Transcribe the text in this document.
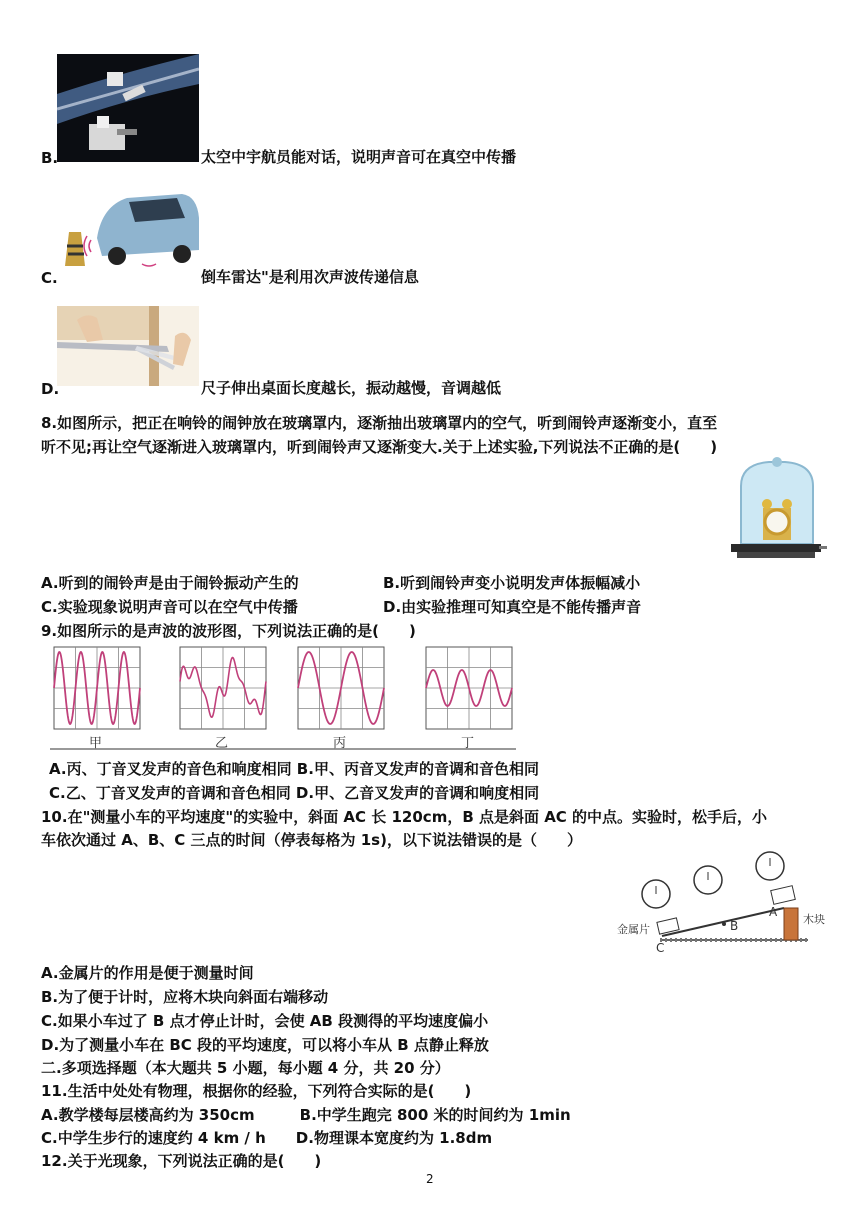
B.	太空中宇航员能对话，说明声音可在真空中传播
C.	倒车雷达"是利用次声波传递信息
D.	尺子伸出桌面长度越长，振动越慢，音调越低
8.如图所示，把正在响铃的闹钟放在玻璃罩内，逐渐抽出玻璃罩内的空气，听到闹铃声逐渐变小，直至
听不见;再让空气逐渐进入玻璃罩内，听到闹铃声又逐渐变大.关于上述实验,下列说法不正确的是(　　)
A.听到的闹铃声是由于闹铃振动产生的	B.听到闹铃声变小说明发声体振幅减小
C.实验现象说明声音可以在空气中传播	D.由实验推理可知真空是不能传播声音
9.如图所示的是声波的波形图，下列说法正确的是(　　)
甲	乙	丙	丁
A.丙、丁音叉发声的音色和响度相同 B.甲、丙音叉发声的音调和音色相同
C.乙、丁音叉发声的音调和音色相同 D.甲、乙音叉发声的音调和响度相同
10.在"测量小车的平均速度"的实验中，斜面 AC 长 120cm，B 点是斜面 AC 的中点。实验时，松手后，小
车依次通过 A、B、C 三点的时间（停表每格为 1s)，以下说法错误的是（　　）
金属片
木块
A
B
C
A.金属片的作用是便于测量时间
B.为了便于计时，应将木块向斜面右端移动
C.如果小车过了 B 点才停止计时，会使 AB 段测得的平均速度偏小
D.为了测量小车在 BC 段的平均速度，可以将小车从 B 点静止释放
二.多项选择题（本大题共 5 小题，每小题 4 分，共 20 分）
11.生活中处处有物理，根据你的经验，下列符合实际的是(　　)
A.教学楼每层楼高约为 350cm　　　B.中学生跑完 800 米的时间约为 1min
C.中学生步行的速度约 4 km / h　　D.物理课本宽度约为 1.8dm
12.关于光现象，下列说法正确的是(　　)
2
